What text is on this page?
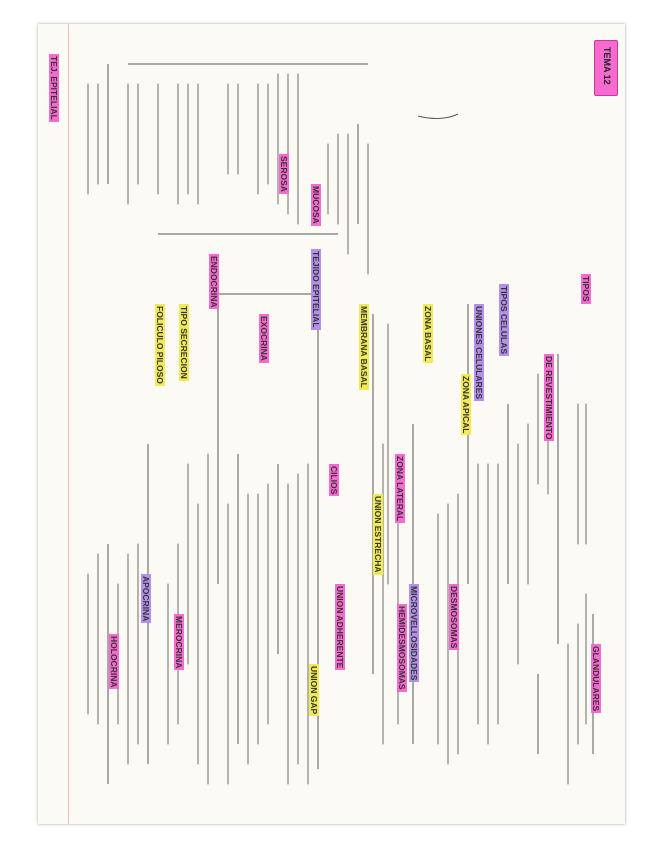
TEMA 12
GLANDULARES
TIPOS
DE REVESTIMIENTO
TIPOS CELULAS
UNIONES CELULARES
ZONA APICAL
ZONA BASAL
ZONA LATERAL
MICROVELLOSIDADES
CILIOS
MEMBRANA BASAL
MUCOSA
SEROSA
TEJIDO EPITELIAL
EXOCRINA
ENDOCRINA
TIPO SECRECION
MEROCRINA
APOCRINA
HOLOCRINA
FOLICULO PILOSO
DESMOSOMAS
HEMIDESMOSOMAS
UNION ESTRECHA
UNION ADHERENTE
UNION GAP
TEJ. EPITELIAL
